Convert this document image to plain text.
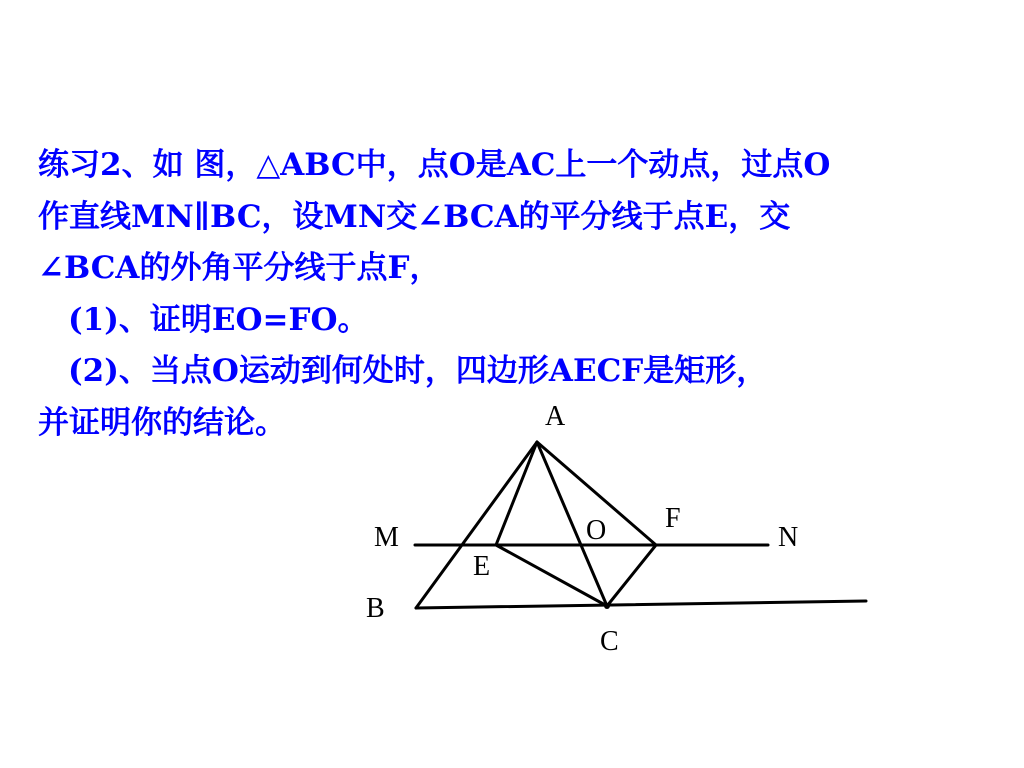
练习2、如 图，△ABC中，点O是AC上一个动点，过点O
作直线MN∥BC，设MN交∠BCA的平分线于点E，交
∠BCA的外角平分线于点F，
(1)、证明EO=FO。
(2)、当点O运动到何处时，四边形AECF是矩形，
并证明你的结论。	A
B
C
E
F
O
M	N
